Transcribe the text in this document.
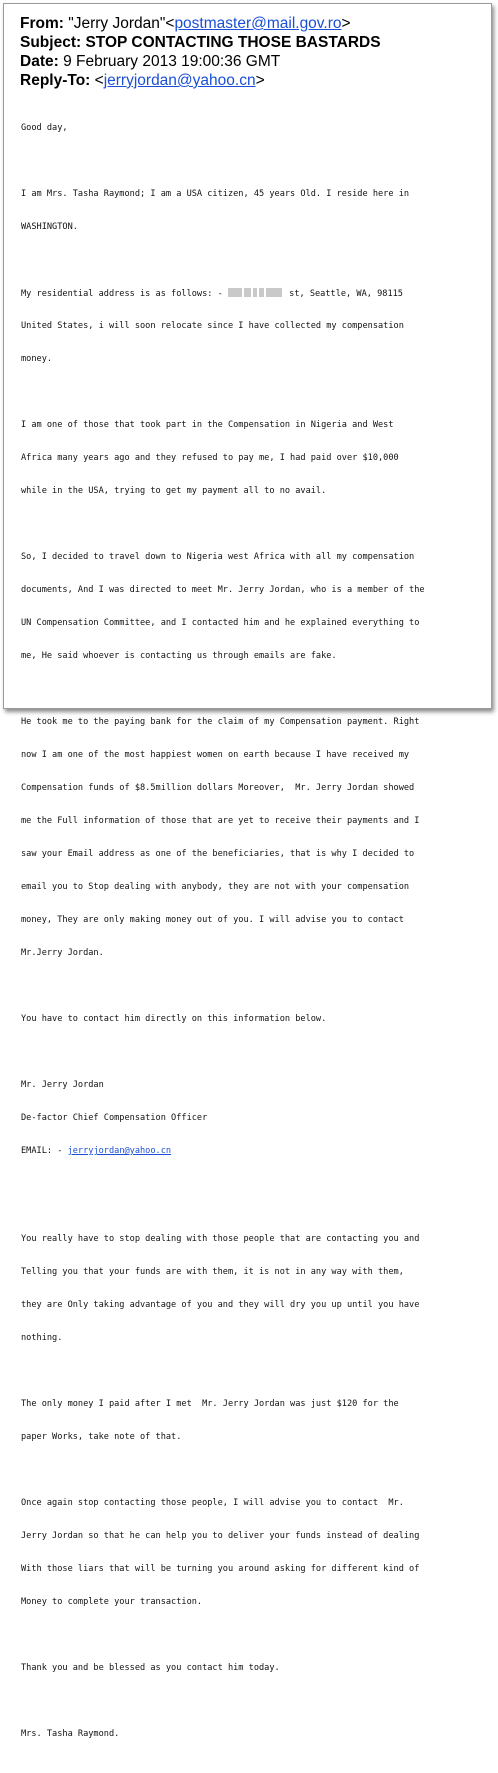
From: "Jerry Jordan"<postmaster@mail.gov.ro>
Subject: STOP CONTACTING THOSE BASTARDS
Date: 9 February 2013 19:00:36 GMT
Reply-To: <jerryjordan@yahoo.cn>

Good day,

I am Mrs. Tasha Raymond; I am a USA citizen, 45 years Old. I reside here in

WASHINGTON.

My residential address is as follows: -	st, Seattle, WA, 98115

United States, i will soon relocate since I have collected my compensation

money.

I am one of those that took part in the Compensation in Nigeria and West

Africa many years ago and they refused to pay me, I had paid over $10,000

while in the USA, trying to get my payment all to no avail.

So, I decided to travel down to Nigeria west Africa with all my compensation

documents, And I was directed to meet Mr. Jerry Jordan, who is a member of the

UN Compensation Committee, and I contacted him and he explained everything to

me, He said whoever is contacting us through emails are fake.

He took me to the paying bank for the claim of my Compensation payment. Right

now I am one of the most happiest women on earth because I have received my

Compensation funds of $8.5million dollars Moreover,  Mr. Jerry Jordan showed

me the Full information of those that are yet to receive their payments and I

saw your Email address as one of the beneficiaries, that is why I decided to

email you to Stop dealing with anybody, they are not with your compensation

money, They are only making money out of you. I will advise you to contact

Mr.Jerry Jordan.

You have to contact him directly on this information below.

Mr. Jerry Jordan

De-factor Chief Compensation Officer

EMAIL: - jerryjordan@yahoo.cn

You really have to stop dealing with those people that are contacting you and

Telling you that your funds are with them, it is not in any way with them,

they are Only taking advantage of you and they will dry you up until you have

nothing.

The only money I paid after I met  Mr. Jerry Jordan was just $120 for the

paper Works, take note of that.

Once again stop contacting those people, I will advise you to contact  Mr.

Jerry Jordan so that he can help you to deliver your funds instead of dealing

With those liars that will be turning you around asking for different kind of

Money to complete your transaction.

Thank you and be blessed as you contact him today.

Mrs. Tasha Raymond.
